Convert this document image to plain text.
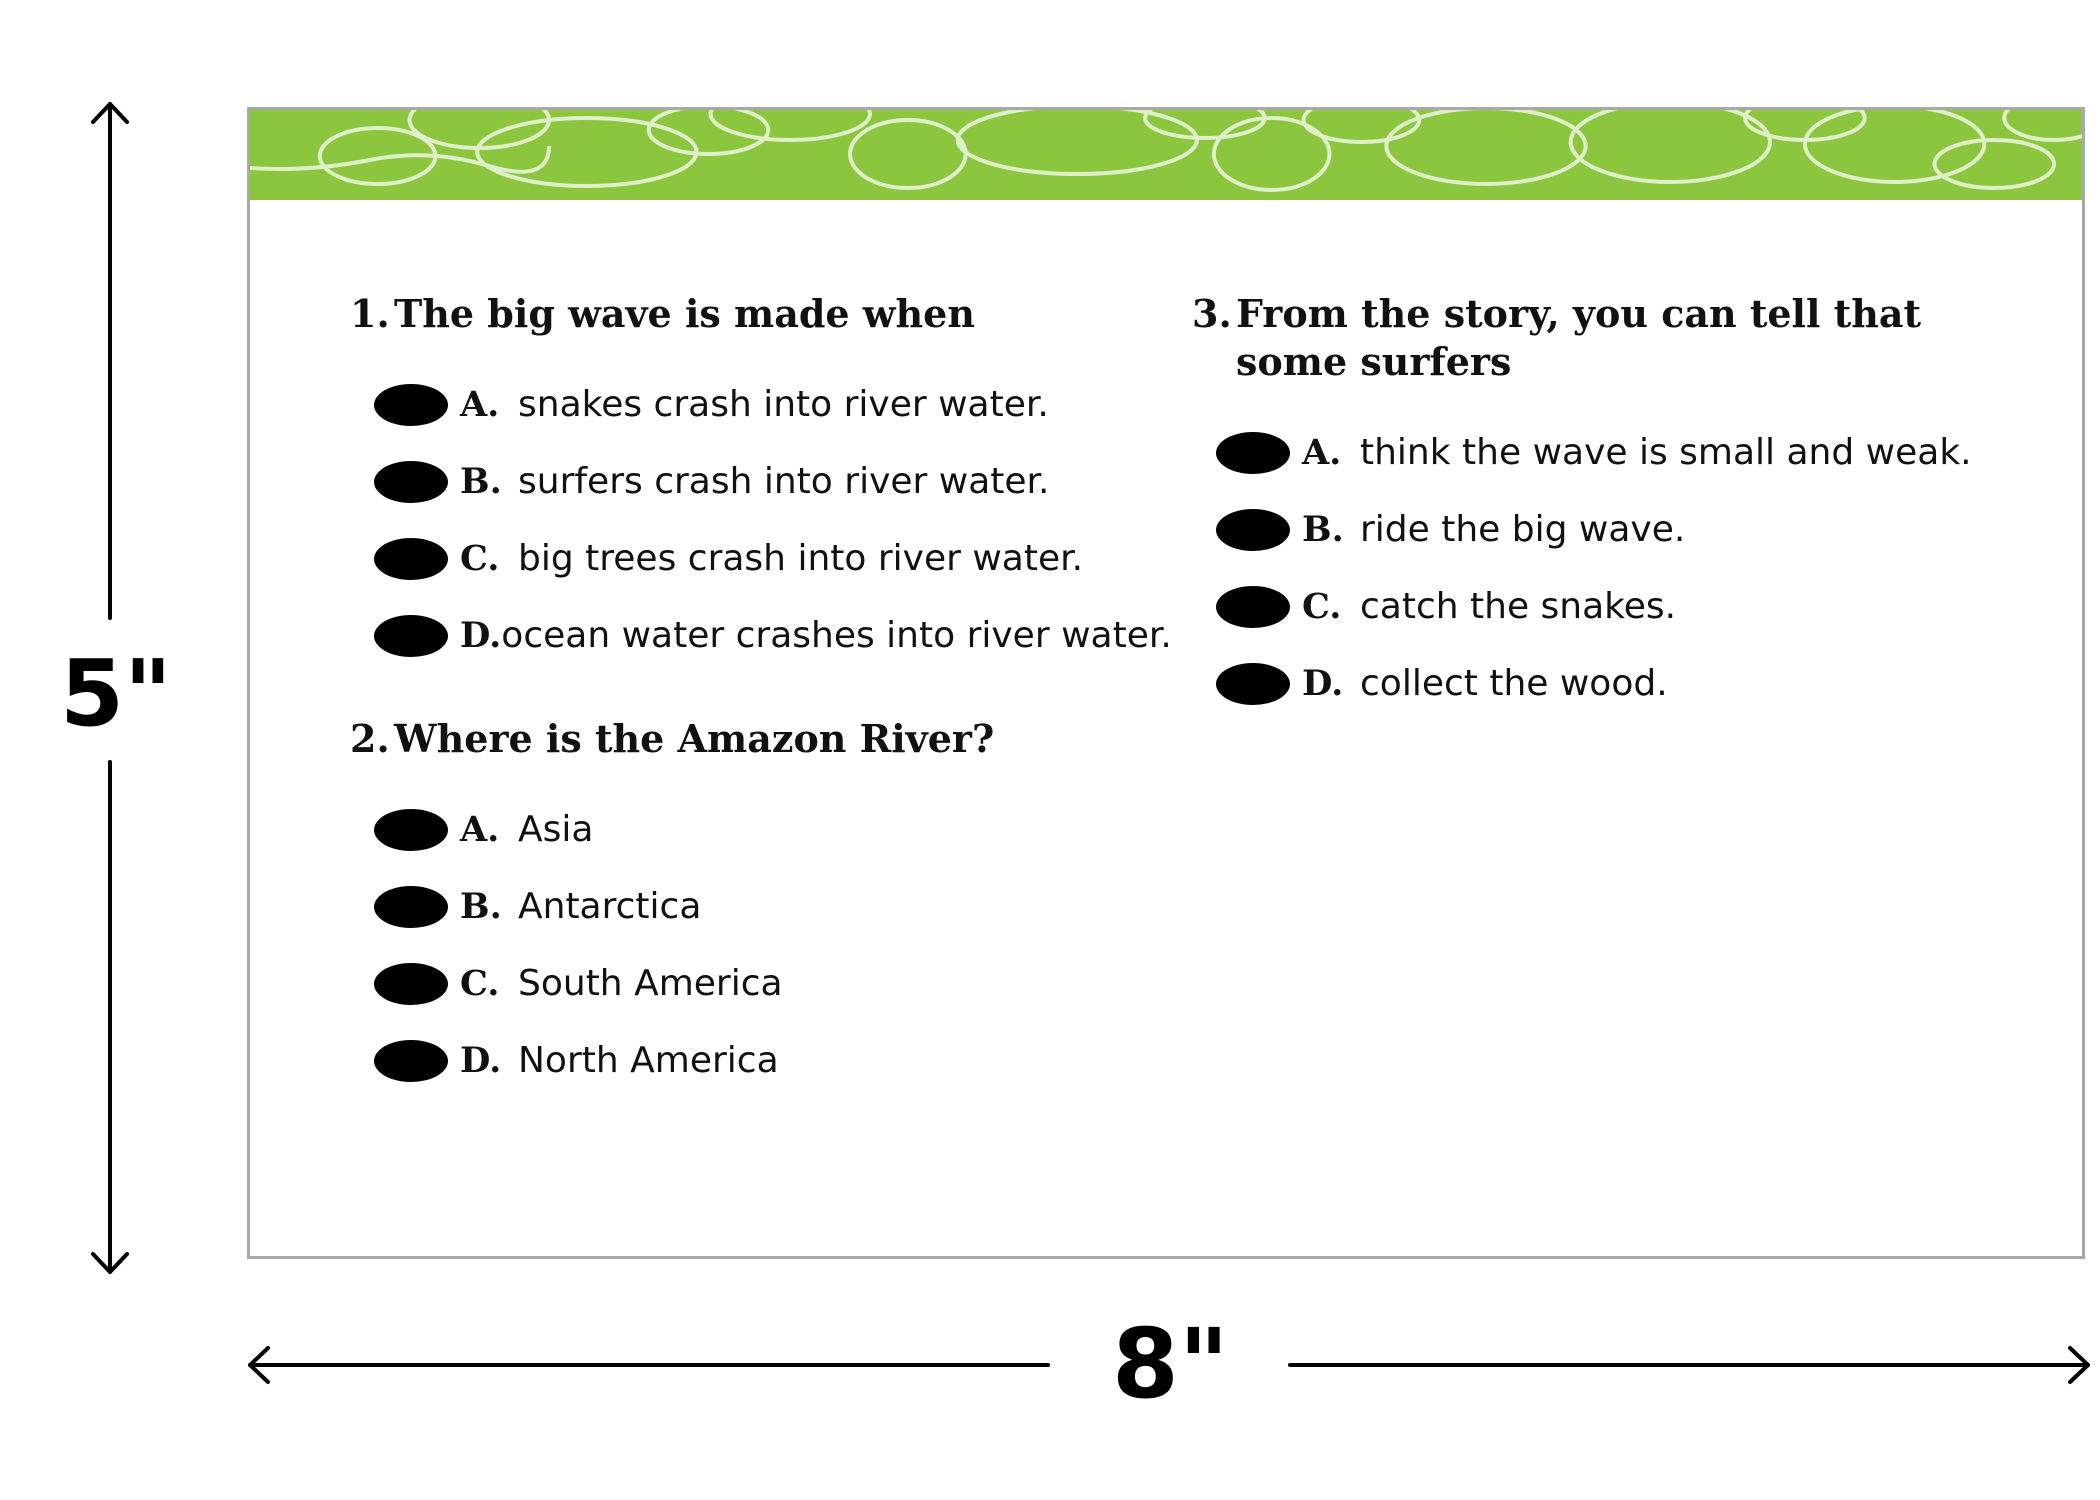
5"
8"
1. The big wave is made when
A. snakes crash into river water.
B. surfers crash into river water.
C. big trees crash into river water.
D. ocean water crashes into river water.
2. Where is the Amazon River?
A. Asia
B. Antarctica
C. South America
D. North America
3. From the story, you can tell that some surfers
A. think the wave is small and weak.
B. ride the big wave.
C. catch the snakes.
D. collect the wood.
